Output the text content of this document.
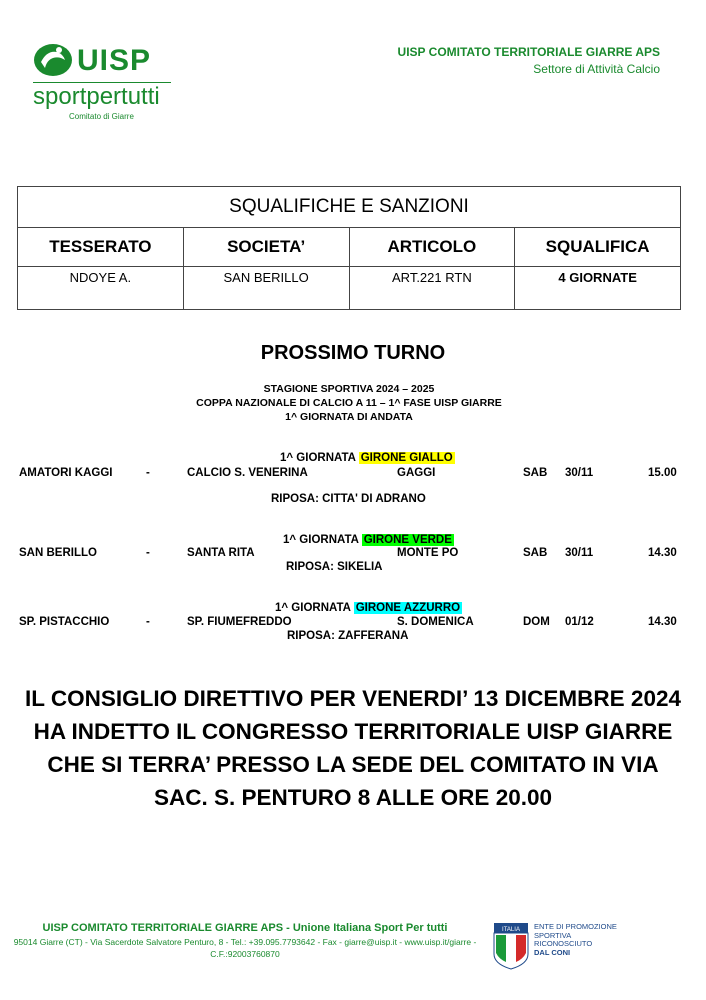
UISP
sportpertutti
Comitato di Giarre
UISP COMITATO TERRITORIALE GIARRE APS
Settore di Attività Calcio
SQUALIFICHE E SANZIONI			
TESSERATO	SOCIETA’	ARTICOLO	SQUALIFICA
NDOYE A.	SAN BERILLO	ART.221 RTN	4 GIORNATE
PROSSIMO TURNO
STAGIONE SPORTIVA 2024 – 2025
COPPA NAZIONALE DI CALCIO A 11 – 1^ FASE UISP GIARRE
1^ GIORNATA DI ANDATA
1^ GIORNATA GIRONE GIALLO
AMATORI KAGGI	-	CALCIO S. VENERINA	GAGGI	SAB 30/11	15.00
RIPOSA: CITTA' DI ADRANO
1^ GIORNATA GIRONE VERDE
SAN BERILLO	-	SANTA RITA	MONTE PO	SAB 30/11	14.30
RIPOSA: SIKELIA
1^ GIORNATA GIRONE AZZURRO
SP. PISTACCHIO	-	SP. FIUMEFREDDO	S. DOMENICA	DOM 01/12	14.30
RIPOSA: ZAFFERANA
IL CONSIGLIO DIRETTIVO PER VENERDI’ 13 DICEMBRE 2024 HA INDETTO IL CONGRESSO TERRITORIALE UISP GIARRE CHE SI TERRA’ PRESSO LA SEDE DEL COMITATO IN VIA SAC. S. PENTURO 8 ALLE ORE 20.00
UISP COMITATO TERRITORIALE GIARRE APS - Unione Italiana Sport Per tutti
95014 Giarre (CT) - Via Sacerdote Salvatore Penturo, 8 - Tel.: +39.095.7793642 - Fax - giarre@uisp.it - www.uisp.it/giarre -
C.F.:92003760870
ITALIA ENTE DI PROMOZIONE
SPORTIVA
RICONOSCIUTO
DAL CONI
